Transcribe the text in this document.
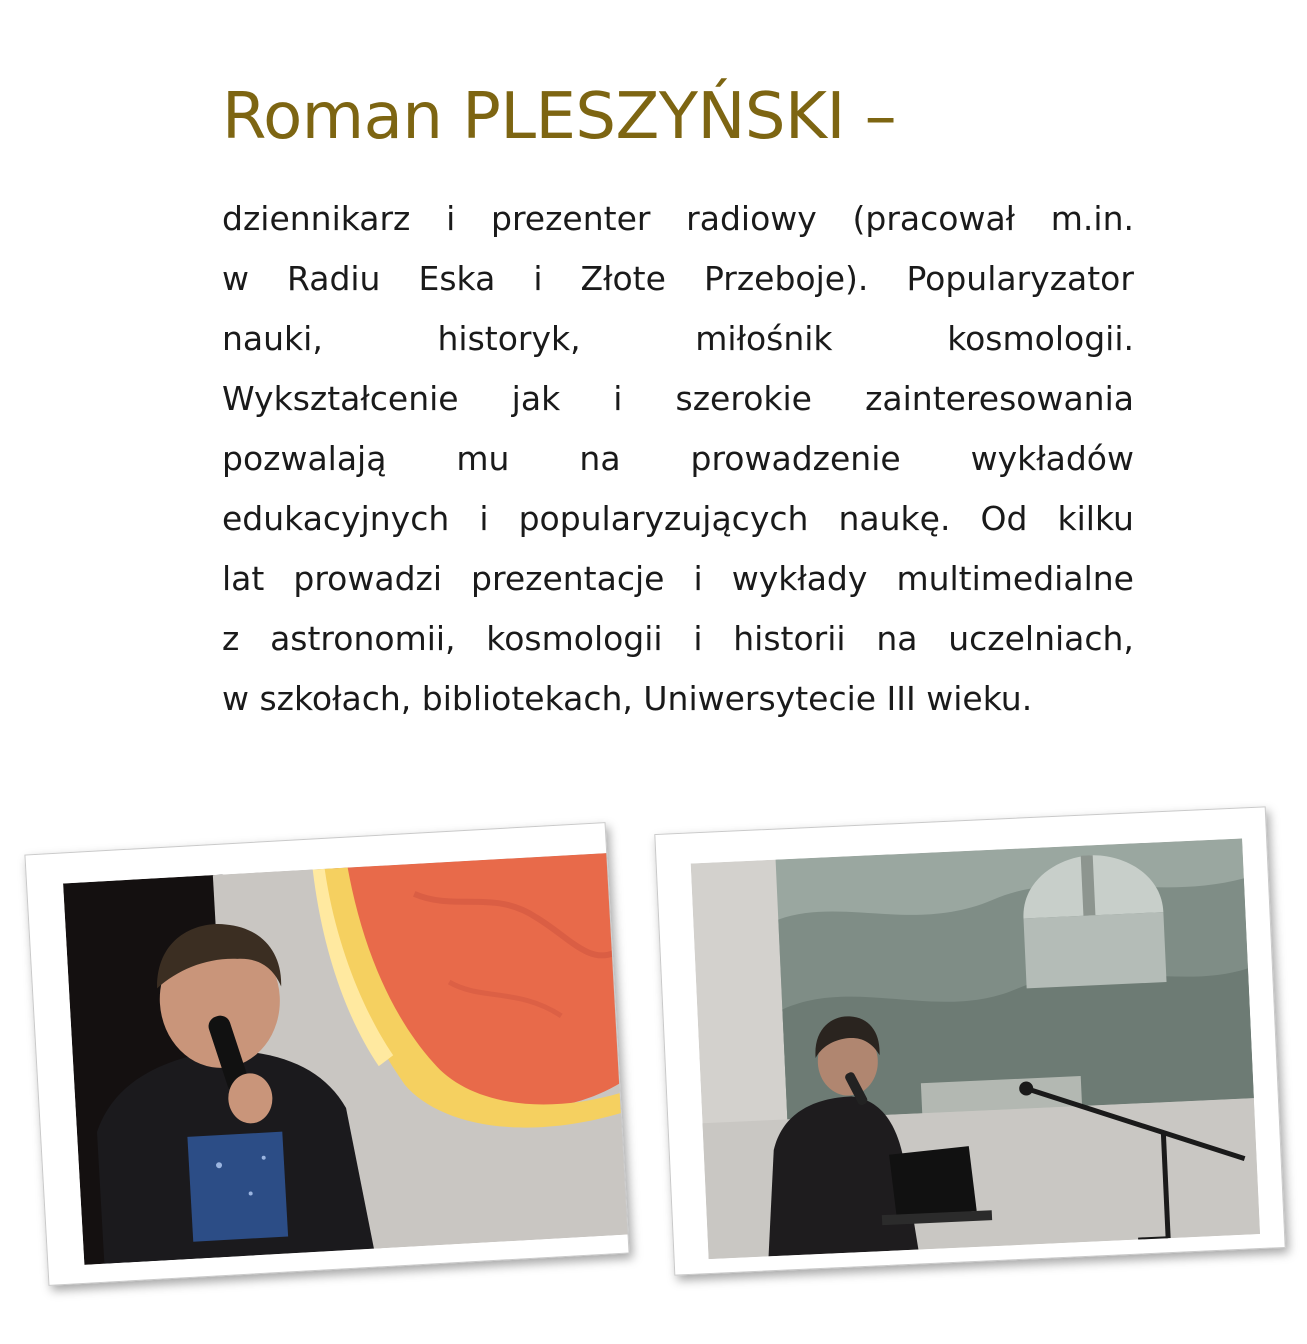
Roman PLESZYŃSKI –
dziennikarz i prezenter radiowy (pracował m.in.
w Radiu Eska i Złote Przeboje). Popularyzator
nauki,	historyk,	miłośnik	kosmologii.
Wykształcenie jak i szerokie zainteresowania
pozwalają mu na prowadzenie wykładów
edukacyjnych i popularyzujących naukę. Od kilku
lat prowadzi prezentacje i wykłady multimedialne
z astronomii, kosmologii i historii na uczelniach,
w szkołach, bibliotekach, Uniwersytecie III wieku.
